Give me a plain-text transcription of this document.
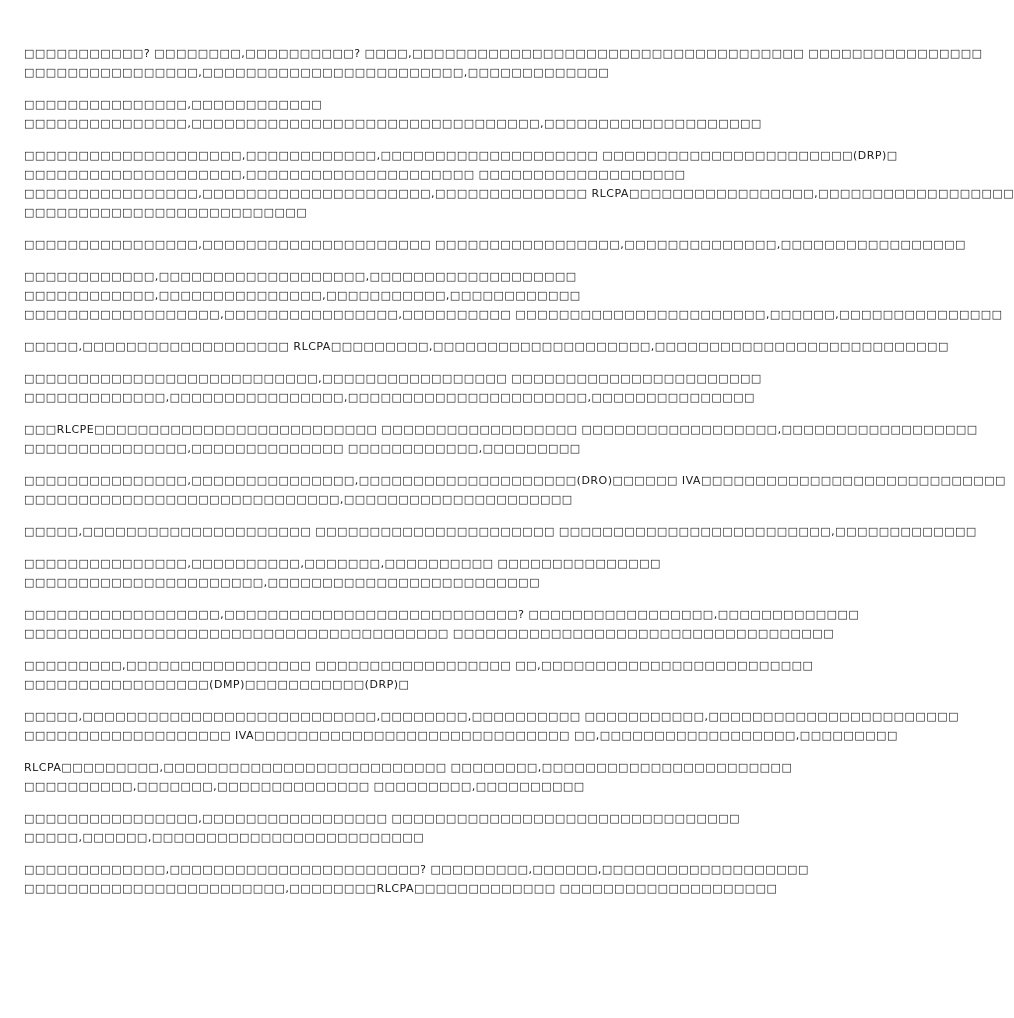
□□□□□□□□□□□? □□□□□□□□,□□□□□□□□□□? □□□□,□□□□□□□□□□□□□□□□□□□□□□□□□□□□□□□□□□□□ □□□□□□□□□□□□□□□□
□□□□□□□□□□□□□□□□,□□□□□□□□□□□□□□□□□□□□□□□□,□□□□□□□□□□□□□
□□□□□□□□□□□□□□□,□□□□□□□□□□□□
□□□□□□□□□□□□□□□,□□□□□□□□□□□□□□□□□□□□□□□□□□□□□□□□,□□□□□□□□□□□□□□□□□□□□
□□□□□□□□□□□□□□□□□□□□,□□□□□□□□□□□□,□□□□□□□□□□□□□□□□□□□□ □□□□□□□□□□□□□□□□□□□□□□□(DRP)□
□□□□□□□□□□□□□□□□□□□□,□□□□□□□□□□□□□□□□□□□□□ □□□□□□□□□□□□□□□□□□□
□□□□□□□□□□□□□□□□,□□□□□□□□□□□□□□□□□□□□□,□□□□□□□□□□□□□□ RLCPA□□□□□□□□□□□□□□□□□,□□□□□□□□□□□□□□□□□□
□□□□□□□□□□□□□□□□□□□□□□□□□□
□□□□□□□□□□□□□□□□,□□□□□□□□□□□□□□□□□□□□□ □□□□□□□□□□□□□□□□□,□□□□□□□□□□□□□□,□□□□□□□□□□□□□□□□□
□□□□□□□□□□□□,□□□□□□□□□□□□□□□□□□□,□□□□□□□□□□□□□□□□□□□
□□□□□□□□□□□□,□□□□□□□□□□□□□□□,□□□□□□□□□□□,□□□□□□□□□□□□
□□□□□□□□□□□□□□□□□□,□□□□□□□□□□□□□□□□,□□□□□□□□□□ □□□□□□□□□□□□□□□□□□□□□□□,□□□□□□,□□□□□□□□□□□□□□□
□□□□□,□□□□□□□□□□□□□□□□□□□ RLCPA□□□□□□□□□,□□□□□□□□□□□□□□□□□□□□,□□□□□□□□□□□□□□□□□□□□□□□□□□□
□□□□□□□□□□□□□□□□□□□□□□□□□□□,□□□□□□□□□□□□□□□□□ □□□□□□□□□□□□□□□□□□□□□□□
□□□□□□□□□□□□□,□□□□□□□□□□□□□□□□,□□□□□□□□□□□□□□□□□□□□□□,□□□□□□□□□□□□□□□
□□□RLCPE□□□□□□□□□□□□□□□□□□□□□□□□□□ □□□□□□□□□□□□□□□□□□ □□□□□□□□□□□□□□□□□□,□□□□□□□□□□□□□□□□□□
□□□□□□□□□□□□□□□,□□□□□□□□□□□□□□ □□□□□□□□□□□□,□□□□□□□□□
□□□□□□□□□□□□□□□,□□□□□□□□□□□□□□□,□□□□□□□□□□□□□□□□□□□□(DRO)□□□□□□ IVA□□□□□□□□□□□□□□□□□□□□□□□□□□□□
□□□□□□□□□□□□□□□□□□□□□□□□□□□□□,□□□□□□□□□□□□□□□□□□□□□
□□□□□,□□□□□□□□□□□□□□□□□□□□□ □□□□□□□□□□□□□□□□□□□□□□ □□□□□□□□□□□□□□□□□□□□□□□□□,□□□□□□□□□□□□□
□□□□□□□□□□□□□□□,□□□□□□□□□□,□□□□□□□,□□□□□□□□□□ □□□□□□□□□□□□□□□
□□□□□□□□□□□□□□□□□□□□□□,□□□□□□□□□□□□□□□□□□□□□□□□□
□□□□□□□□□□□□□□□□□□,□□□□□□□□□□□□□□□□□□□□□□□□□□□? □□□□□□□□□□□□□□□□□,□□□□□□□□□□□□□
□□□□□□□□□□□□□□□□□□□□□□□□□□□□□□□□□□□□□□□ □□□□□□□□□□□□□□□□□□□□□□□□□□□□□□□□□□□
□□□□□□□□□,□□□□□□□□□□□□□□□□□ □□□□□□□□□□□□□□□□□□ □□,□□□□□□□□□□□□□□□□□□□□□□□□□
□□□□□□□□□□□□□□□□□(DMP)□□□□□□□□□□□(DRP)□
□□□□□,□□□□□□□□□□□□□□□□□□□□□□□□□□□,□□□□□□□□,□□□□□□□□□□ □□□□□□□□□□□,□□□□□□□□□□□□□□□□□□□□□□□
□□□□□□□□□□□□□□□□□□□ IVA□□□□□□□□□□□□□□□□□□□□□□□□□□□□□ □□,□□□□□□□□□□□□□□□□□□,□□□□□□□□□
RLCPA□□□□□□□□□,□□□□□□□□□□□□□□□□□□□□□□□□□□ □□□□□□□□,□□□□□□□□□□□□□□□□□□□□□□□
□□□□□□□□□□,□□□□□□□,□□□□□□□□□□□□□□ □□□□□□□□□,□□□□□□□□□□
□□□□□□□□□□□□□□□□,□□□□□□□□□□□□□□□□□ □□□□□□□□□□□□□□□□□□□□□□□□□□□□□□□□
□□□□□,□□□□□□,□□□□□□□□□□□□□□□□□□□□□□□□□
□□□□□□□□□□□□□,□□□□□□□□□□□□□□□□□□□□□□□? □□□□□□□□□,□□□□□□,□□□□□□□□□□□□□□□□□□□
□□□□□□□□□□□□□□□□□□□□□□□□,□□□□□□□□RLCPA□□□□□□□□□□□□□ □□□□□□□□□□□□□□□□□□□□
